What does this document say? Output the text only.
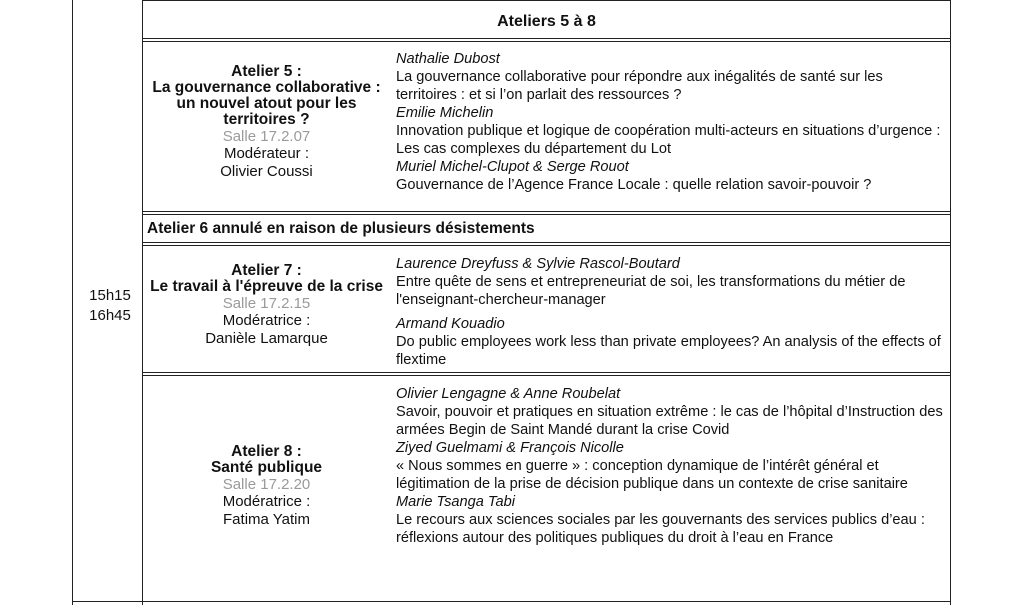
Ateliers 5 à 8
15h15
16h45
Atelier 5 :
La gouvernance collaborative : un nouvel atout pour les territoires ?
Salle 17.2.07
Modérateur :
Olivier Coussi
Nathalie Dubost
La gouvernance collaborative pour répondre aux inégalités de santé sur les territoires : et si l’on parlait des ressources ?
Emilie Michelin
Innovation publique et logique de coopération multi-acteurs en situations d’urgence : Les cas complexes du département du Lot
Muriel Michel-Clupot & Serge Rouot
Gouvernance de l’Agence France Locale : quelle relation savoir-pouvoir ?
Atelier 6 annulé en raison de plusieurs désistements
Atelier 7 :
Le travail à l'épreuve de la crise
Salle 17.2.15
Modératrice :
Danièle Lamarque
Laurence Dreyfuss & Sylvie Rascol-Boutard
Entre quête de sens et entrepreneuriat de soi, les transformations du métier de l'enseignant-chercheur-manager
Armand Kouadio
Do public employees work less than private employees? An analysis of the effects of flextime
Atelier 8 :
Santé publique
Salle 17.2.20
Modératrice :
Fatima Yatim
Olivier Lengagne & Anne Roubelat
Savoir, pouvoir et pratiques en situation extrême : le cas de l’hôpital d’Instruction des armées Begin de Saint Mandé durant la crise Covid
Ziyed Guelmami & François Nicolle
« Nous sommes en guerre » : conception dynamique de l’intérêt général et légitimation de la prise de décision publique dans un contexte de crise sanitaire
Marie Tsanga Tabi
Le recours aux sciences sociales par les gouvernants des services publics d’eau : réflexions autour des politiques publiques du droit à l’eau en France
